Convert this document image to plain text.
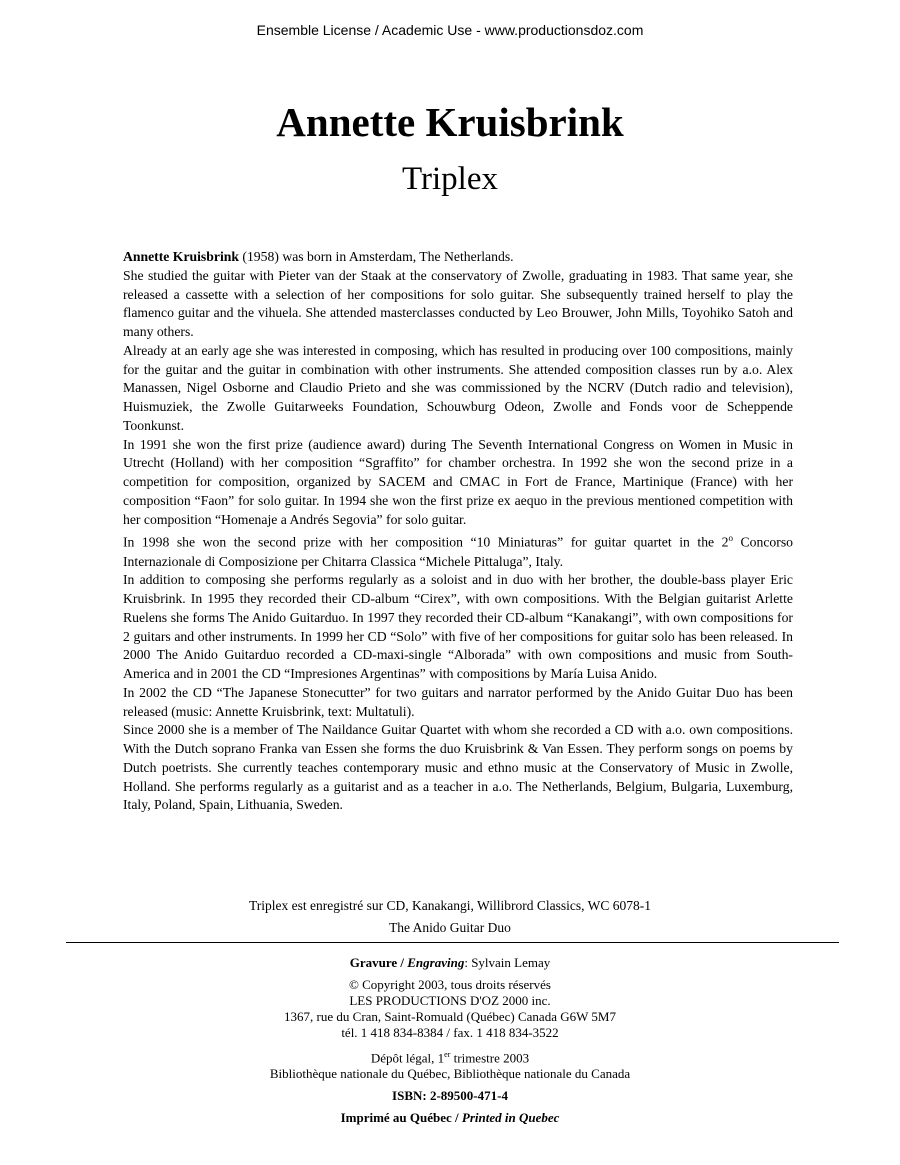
Ensemble License / Academic Use - www.productionsdoz.com
Annette Kruisbrink
Triplex

Annette Kruisbrink (1958) was born in Amsterdam, The Netherlands.

She studied the guitar with Pieter van der Staak at the conservatory of Zwolle, graduating in 1983. That same year, she released a cassette with a selection of her compositions for solo guitar. She subsequently trained herself to play the flamenco guitar and the vihuela. She attended masterclasses conducted by Leo Brouwer, John Mills, Toyohiko Satoh and many others.

Already at an early age she was interested in composing, which has resulted in producing over 100 compositions, mainly for the guitar and the guitar in combination with other instruments. She attended composition classes run by a.o. Alex Manassen, Nigel Osborne and Claudio Prieto and she was commissioned by the NCRV (Dutch radio and television), Huismuziek, the Zwolle Guitarweeks Foundation, Schouwburg Odeon, Zwolle and Fonds voor de Scheppende Toonkunst.

In 1991 she won the first prize (audience award) during The Seventh International Congress on Women in Music in Utrecht (Holland) with her composition “Sgraffito” for chamber orchestra. In 1992 she won the second prize in a competition for composition, organized by SACEM and CMAC in Fort de France, Martinique (France) with her composition “Faon” for solo guitar. In 1994 she won the first prize ex aequo in the previous mentioned competition with her composition “Homenaje a Andrés Segovia” for solo guitar.

In 1998 she won the second prize with her composition “10 Miniaturas” for guitar quartet in the 2$^o$ Concorso Internazionale di Composizione per Chitarra Classica “Michele Pittaluga”, Italy.

In addition to composing she performs regularly as a soloist and in duo with her brother, the double-bass player Eric Kruisbrink. In 1995 they recorded their CD-album “Cirex”, with own compositions. With the Belgian guitarist Arlette Ruelens she forms The Anido Guitarduo. In 1997 they recorded their CD-album “Kanakangi”, with own compositions for 2 guitars and other instruments. In 1999 her CD “Solo” with five of her compositions for guitar solo has been released. In 2000 The Anido Guitarduo recorded a CD-maxi-single “Alborada” with own compositions and music from South-America and in 2001 the CD “Impresiones Argentinas” with compositions by María Luisa Anido.

In 2002 the CD “The Japanese Stonecutter” for two guitars and narrator performed by the Anido Guitar Duo has been released (music: Annette Kruisbrink, text: Multatuli).

Since 2000 she is a member of The Naildance Guitar Quartet with whom she recorded a CD with a.o. own compositions. With the Dutch soprano Franka van Essen she forms the duo Kruisbrink & Van Essen. They perform songs on poems by Dutch poetrists. She currently teaches contemporary music and ethno music at the Conservatory of Music in Zwolle, Holland. She performs regularly as a guitarist and as a teacher in a.o. The Netherlands, Belgium, Bulgaria, Luxemburg, Italy, Poland, Spain, Lithuania, Sweden.

Triplex est enregistré sur CD, Kanakangi, Willibrord Classics, WC 6078-1
The Anido Guitar Duo
Gravure / Engraving: Sylvain Lemay
© Copyright 2003, tous droits réservés
LES PRODUCTIONS D'OZ 2000 inc.
1367, rue du Cran, Saint-Romuald (Québec) Canada G6W 5M7
tél. 1 418 834-8384 / fax. 1 418 834-3522
Dépôt légal, 1er trimestre 2003
Bibliothèque nationale du Québec, Bibliothèque nationale du Canada
ISBN: 2-89500-471-4
Imprimé au Québec / Printed in Quebec
